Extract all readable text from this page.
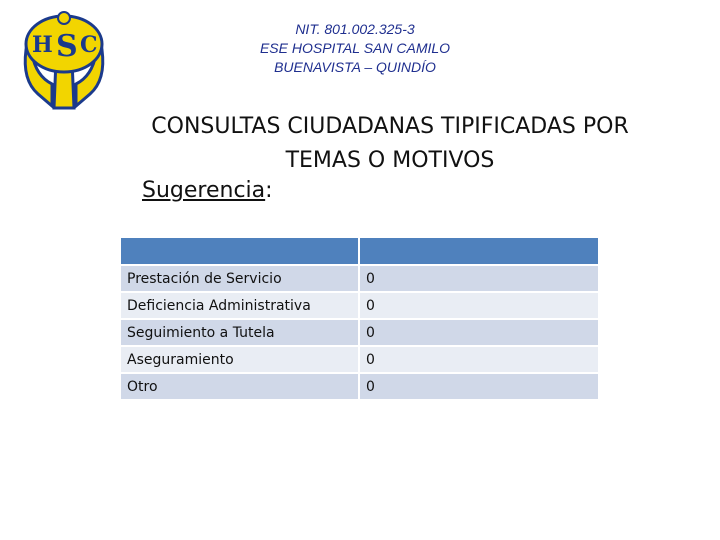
H S C
NIT. 801.002.325-3
ESE HOSPITAL SAN CAMILO
BUENAVISTA – QUINDÍO
CONSULTAS CIUDADANAS TIPIFICADAS POR
TEMAS O MOTIVOS
Sugerencia:

Prestación de Servicio	0
Deficiencia Administrativa	0
Seguimiento a Tutela	0
Aseguramiento	0
Otro	0
